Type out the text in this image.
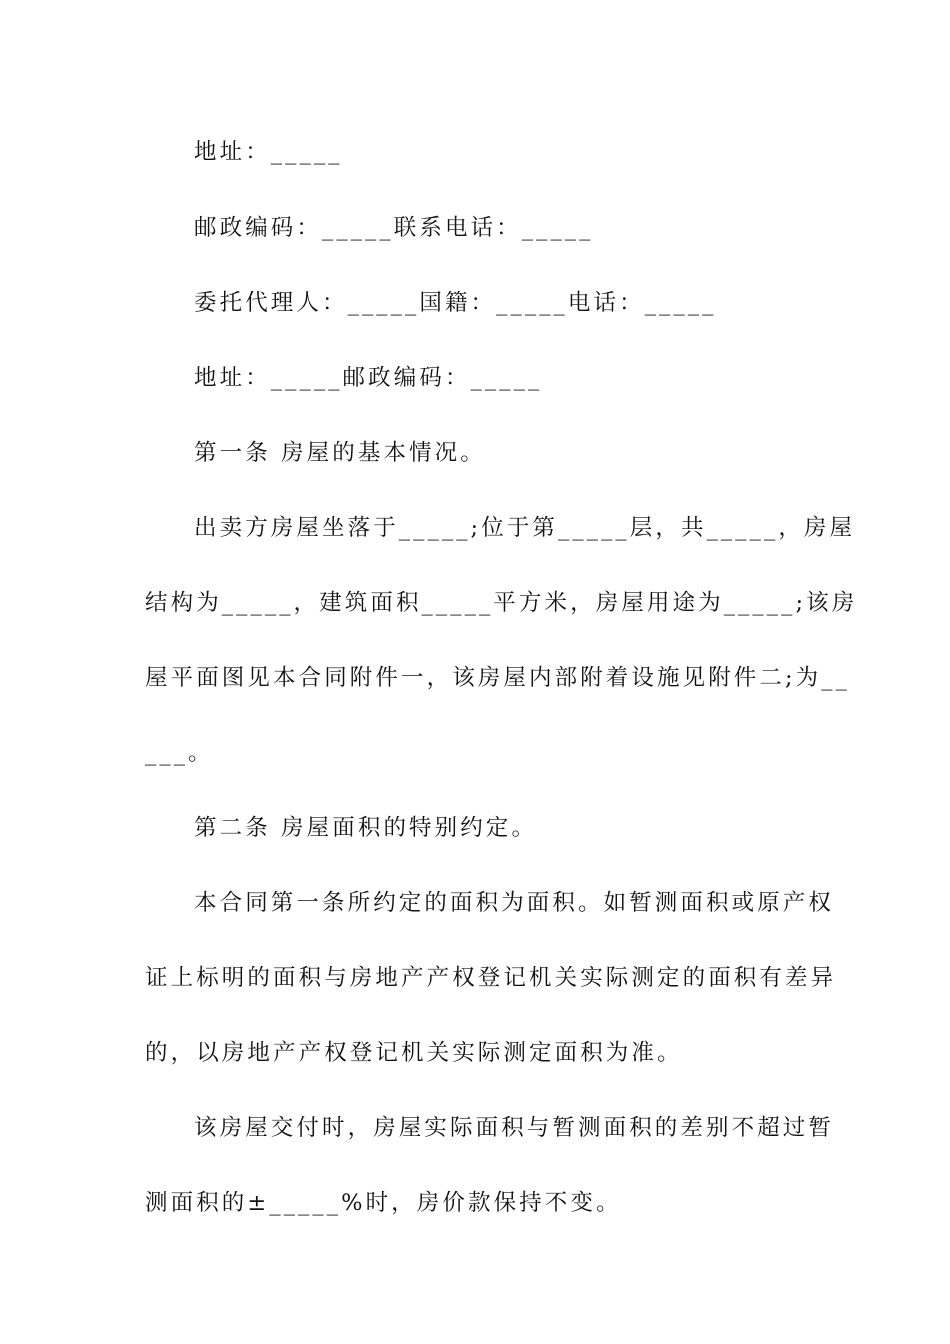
地址：_____
邮政编码：_____联系电话：_____
委托代理人：_____国籍：_____电话：_____
地址：_____邮政编码：_____
第一条 房屋的基本情况。
出卖方房屋坐落于_____;位于第_____层，共_____，房屋
结构为_____，建筑面积_____平方米，房屋用途为_____;该房
屋平面图见本合同附件一，该房屋内部附着设施见附件二;为__
___。
第二条 房屋面积的特别约定。
本合同第一条所约定的面积为面积。如暂测面积或原产权
证上标明的面积与房地产产权登记机关实际测定的面积有差异
的，以房地产产权登记机关实际测定面积为准。
该房屋交付时，房屋实际面积与暂测面积的差别不超过暂
测面积的±_____%时，房价款保持不变。
